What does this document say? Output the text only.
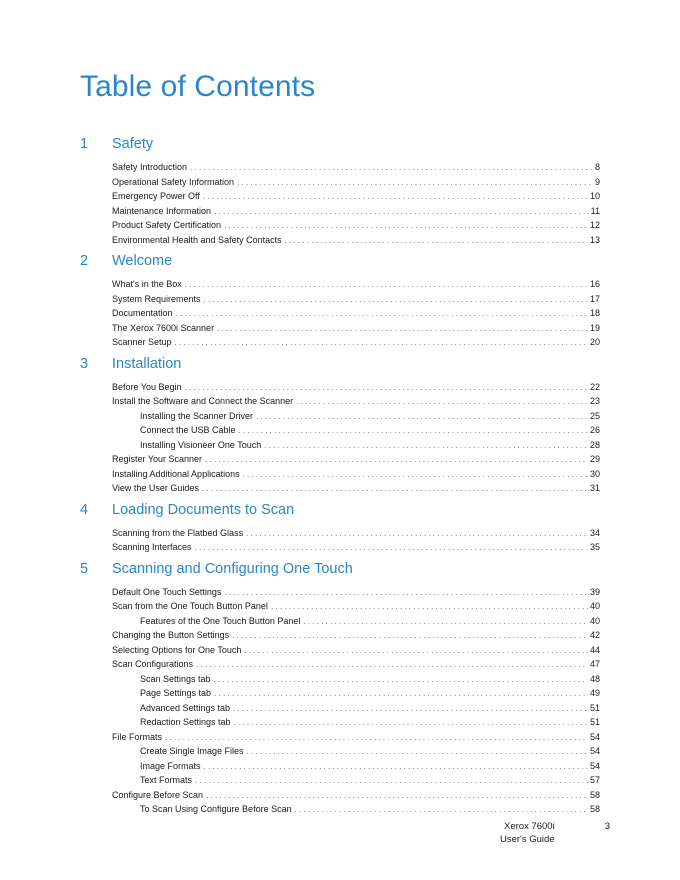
Table of Contents
1	Safety
Safety Introduction . . .	8
Operational Safety Information . . .	9
Emergency Power Off . . .	10
Maintenance Information . . .	11
Product Safety Certification . . .	12
Environmental Health and Safety Contacts . . .	13
2	Welcome
What's in the Box . . .	16
System Requirements . . .	17
Documentation . . .	18
The Xerox 7600i Scanner . . .	19
Scanner Setup . . .	20
3	Installation
Before You Begin . . .	22
Install the Software and Connect the Scanner . . .	23
Installing the Scanner Driver . . .	25
Connect the USB Cable . . .	26
Installing Visioneer One Touch . . .	28
Register Your Scanner . . .	29
Installing Additional Applications . . .	30
View the User Guides . . .	31
4	Loading Documents to Scan
Scanning from the Flatbed Glass . . .	34
Scanning Interfaces . . .	35
5	Scanning and Configuring One Touch
Default One Touch Settings . . .	39
Scan from the One Touch Button Panel . . .	40
Features of the One Touch Button Panel . . .	40
Changing the Button Settings . . .	42
Selecting Options for One Touch . . .	44
Scan Configurations . . .	47
Scan Settings tab . . .	48
Page Settings tab . . .	49
Advanced Settings tab . . .	51
Redaction Settings tab . . .	51
File Formats . . .	54
Create Single Image Files . . .	54
Image Formats . . .	54
Text Formats . . .	57
Configure Before Scan . . .	58
To Scan Using Configure Before Scan . . .	58
Xerox 7600i	3
User's Guide
